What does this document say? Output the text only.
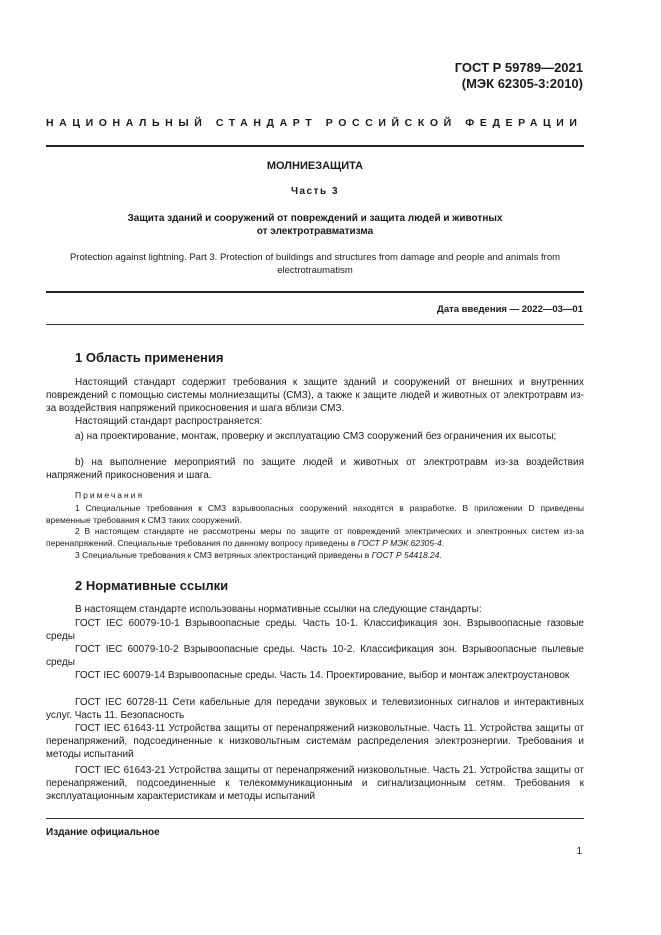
ГОСТ Р 59789—2021
(МЭК 62305-3:2010)
НАЦИОНАЛЬНЫЙ СТАНДАРТ РОССИЙСКОЙ ФЕДЕРАЦИИ
МОЛНИЕЗАЩИТА
Часть 3
Защита зданий и сооружений от повреждений и защита людей и животных
от электротравматизма
Protection against lightning. Part 3. Protection of buildings and structures from damage and people and animals from
electrotraumatism
Дата введения — 2022—03—01
1 Область применения
Настоящий стандарт содержит требования к защите зданий и сооружений от внешних и внутренних повреждений с помощью системы молниезащиты (СМЗ), а также к защите людей и животных от электротравм из-за воздействия напряжений прикосновения и шага вблизи СМЗ.
Настоящий стандарт распространяется:
а) на проектирование, монтаж, проверку и эксплуатацию СМЗ сооружений без ограничения их высоты;
b) на выполнение мероприятий по защите людей и животных от электротравм из-за воздействия напряжений прикосновения и шага.
Примечания
1 Специальные требования к СМЗ взрывоопасных сооружений находятся в разработке. В приложении D приведены временные требования к СМЗ таких сооружений.
2 В настоящем стандарте не рассмотрены меры по защите от повреждений электрических и электронных систем из-за перенапряжений. Специальные требования по данному вопросу приведены в ГОСТ Р МЭК 62305-4.
3 Специальные требования к СМЗ ветряных электростанций приведены в ГОСТ Р 54418.24.
2 Нормативные ссылки
В настоящем стандарте использованы нормативные ссылки на следующие стандарты:
ГОСТ IEC 60079-10-1 Взрывоопасные среды. Часть 10-1. Классификация зон. Взрывоопасные газовые среды
ГОСТ IEC 60079-10-2 Взрывоопасные среды. Часть 10-2. Классификация зон. Взрывоопасные пылевые среды
ГОСТ IEC 60079-14 Взрывоопасные среды. Часть 14. Проектирование, выбор и монтаж электроустановок
ГОСТ IEC 60728-11 Сети кабельные для передачи звуковых и телевизионных сигналов и интерактивных услуг. Часть 11. Безопасность
ГОСТ IEC 61643-11 Устройства защиты от перенапряжений низковольтные. Часть 11. Устройства защиты от перенапряжений, подсоединенные к низковольтным системам распределения электроэнергии. Требования и методы испытаний
ГОСТ IEC 61643-21 Устройства защиты от перенапряжений низковольтные. Часть 21. Устройства защиты от перенапряжений, подсоединенные к телекоммуникационным и сигнализационным сетям. Требования к эксплуатационным характеристикам и методы испытаний
Издание официальное
1
